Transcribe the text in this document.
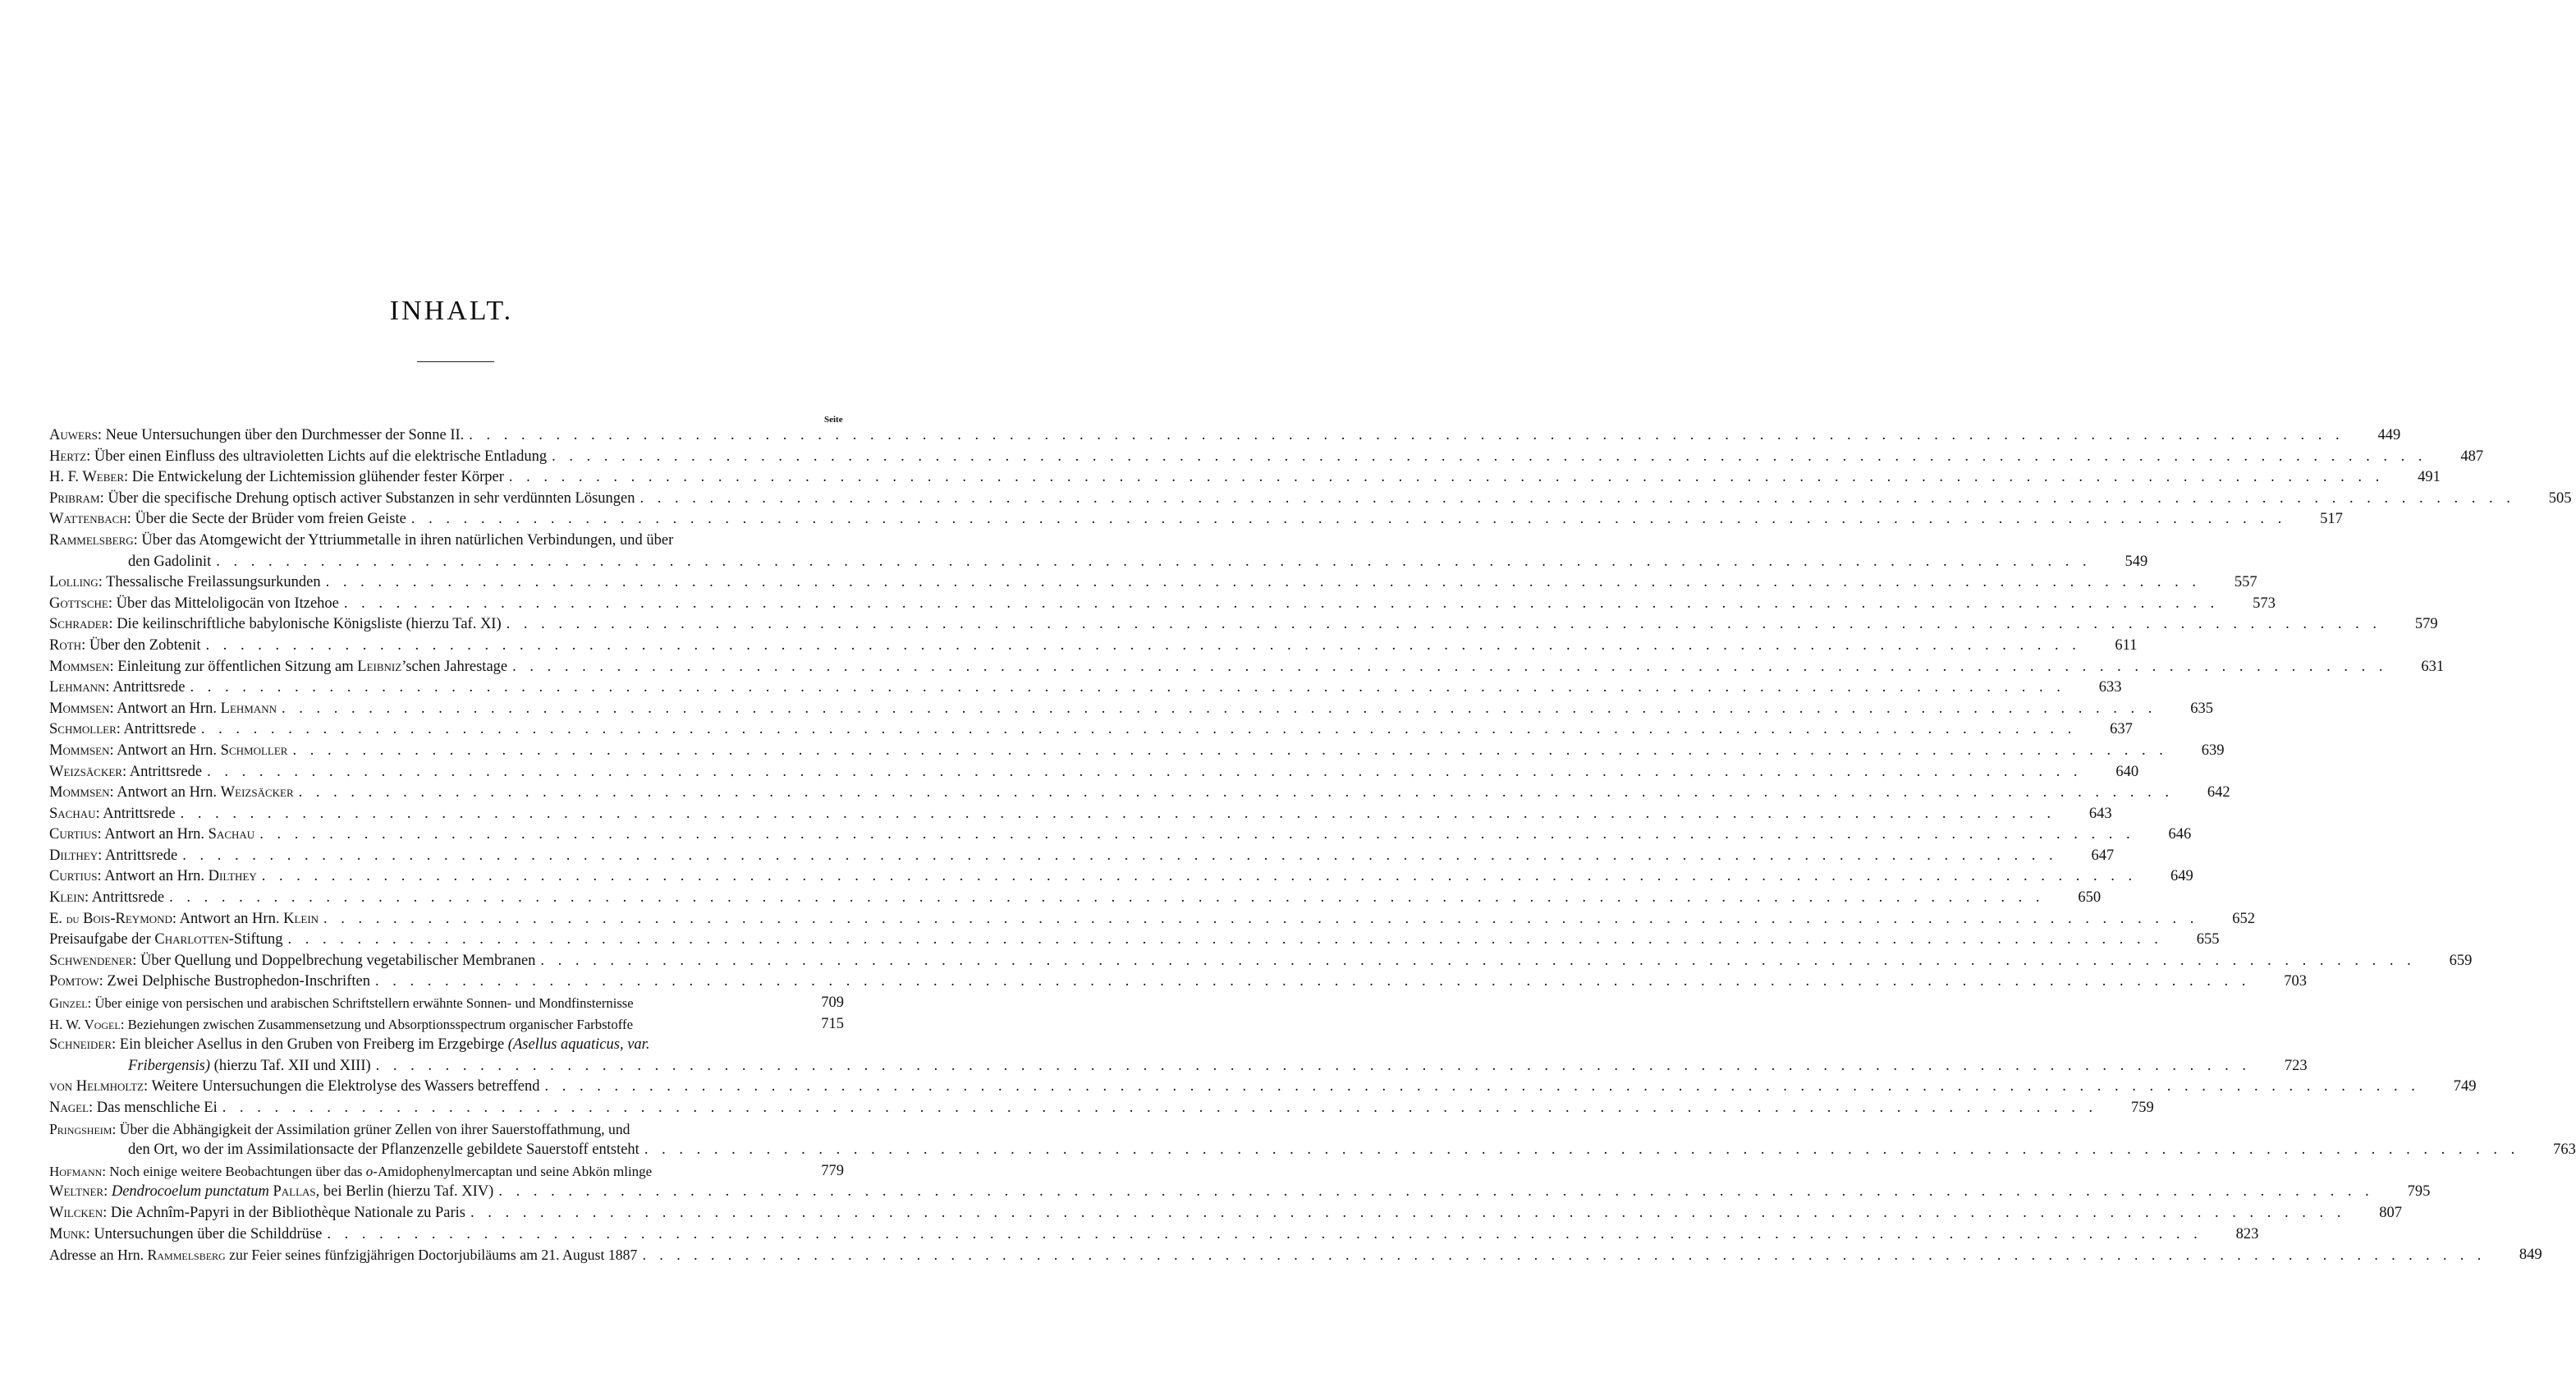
INHALT.
Seite
Auwers: Neue Untersuchungen über den Durchmesser der Sonne II. . . .	449
Hertz: Über einen Einfluss des ultravioletten Lichts auf die elektrische Entladung . . .	487
H. F. Weber: Die Entwickelung der Lichtemission glühender fester Körper . . .	491
Pribram: Über die specifische Drehung optisch activer Substanzen in sehr verdünnten Lösungen . . .	505
Wattenbach: Über die Secte der Brüder vom freien Geiste . . .	517
Rammelsberg: Über das Atomgewicht der Yttriummetalle in ihren natürlichen Verbindungen, und über
den Gadolinit . . .	549
Lolling: Thessalische Freilassungsurkunden . . .	557
Gottsche: Über das Mitteloligocän von Itzehoe . . .	573
Schrader: Die keilinschriftliche babylonische Königsliste (hierzu Taf. XI) . . .	579
Roth: Über den Zobtenit . . .	611
Mommsen: Einleitung zur öffentlichen Sitzung am Leibniz’schen Jahrestage . . .	631
Lehmann: Antrittsrede . . .	633
Mommsen: Antwort an Hrn. Lehmann . . .	635
Schmoller: Antrittsrede . . .	637
Mommsen: Antwort an Hrn. Schmoller . . .	639
Weizsäcker: Antrittsrede . . .	640
Mommsen: Antwort an Hrn. Weizsäcker . . .	642
Sachau: Antrittsrede . . .	643
Curtius: Antwort an Hrn. Sachau . . .	646
Dilthey: Antrittsrede . . .	647
Curtius: Antwort an Hrn. Dilthey . . .	649
Klein: Antrittsrede . . .	650
E. du Bois-Reymond: Antwort an Hrn. Klein . . .	652
Preisaufgabe der Charlotten-Stiftung . . .	655
Schwendener: Über Quellung und Doppelbrechung vegetabilischer Membranen . . .	659
Pomtow: Zwei Delphische Bustrophedon-Inschriften . . .	703
Ginzel: Über einige von persischen und arabischen Schriftstellern erwähnte Sonnen- und Mondfinsternisse	709
H. W. Vogel: Beziehungen zwischen Zusammensetzung und Absorptionsspectrum organischer Farbstoffe	715
Schneider: Ein bleicher Asellus in den Gruben von Freiberg im Erzgebirge (Asellus aquaticus, var.
Fribergensis) (hierzu Taf. XII und XIII) . . .	723
von Helmholtz: Weitere Untersuchungen die Elektrolyse des Wassers betreffend . . .	749
Nagel: Das menschliche Ei . . .	759
Pringsheim: Über die Abhängigkeit der Assimilation grüner Zellen von ihrer Sauerstoffathmung, und
den Ort, wo der im Assimilationsacte der Pflanzenzelle gebildete Sauerstoff entsteht . . .	763
Hofmann: Noch einige weitere Beobachtungen über das o-Amidophenylmercaptan und seine Abkön mlinge	779
Weltner: Dendrocoelum punctatum Pallas, bei Berlin (hierzu Taf. XIV) . . .	795
Wilcken: Die Achnîm-Papyri in der Bibliothèque Nationale zu Paris . . .	807
Munk: Untersuchungen über die Schilddrüse . . .	823
Adresse an Hrn. Rammelsberg zur Feier seines fünfzigjährigen Doctorjubiläums am 21. August 1887 . . .	849
